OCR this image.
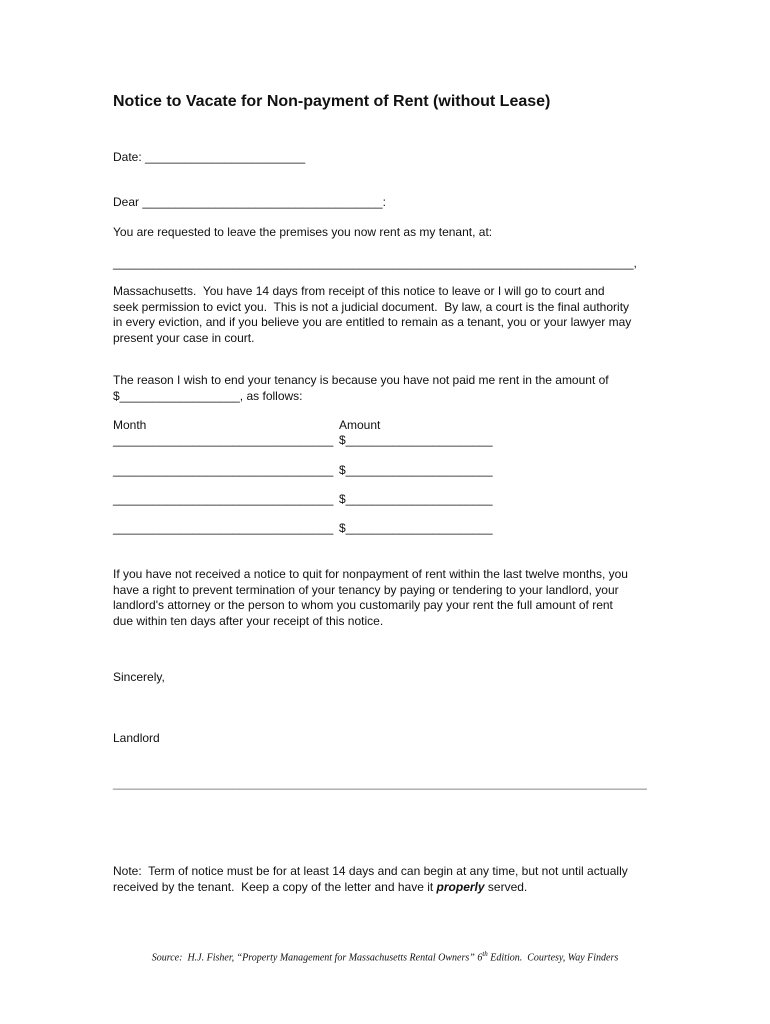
Notice to Vacate for Non-payment of Rent (without Lease)
Date: ________________________
Dear ____________________________________:
You are requested to leave the premises you now rent as my tenant, at:
______________________________________________________________________________,
Massachusetts.  You have 14 days from receipt of this notice to leave or I will go to court and
seek permission to evict you.  This is not a judicial document.  By law, a court is the final authority
in every eviction, and if you believe you are entitled to remain as a tenant, you or your lawyer may
present your case in court.
The reason I wish to end your tenancy is because you have not paid me rent in the amount of
$__________________, as follows:
Month	Amount
_________________________________ $______________________
_________________________________ $______________________
_________________________________ $______________________
_________________________________ $______________________
If you have not received a notice to quit for nonpayment of rent within the last twelve months, you
have a right to prevent termination of your tenancy by paying or tendering to your landlord, your
landlord's attorney or the person to whom you customarily pay your rent the full amount of rent
due within ten days after your receipt of this notice.
Sincerely,
Landlord
________________________________________________________________________________
Note:  Term of notice must be for at least 14 days and can begin at any time, but not until actually
received by the tenant.  Keep a copy of the letter and have it properly served.
Source:  H.J. Fisher, “Property Management for Massachusetts Rental Owners” 6th Edition.  Courtesy, Way Finders
